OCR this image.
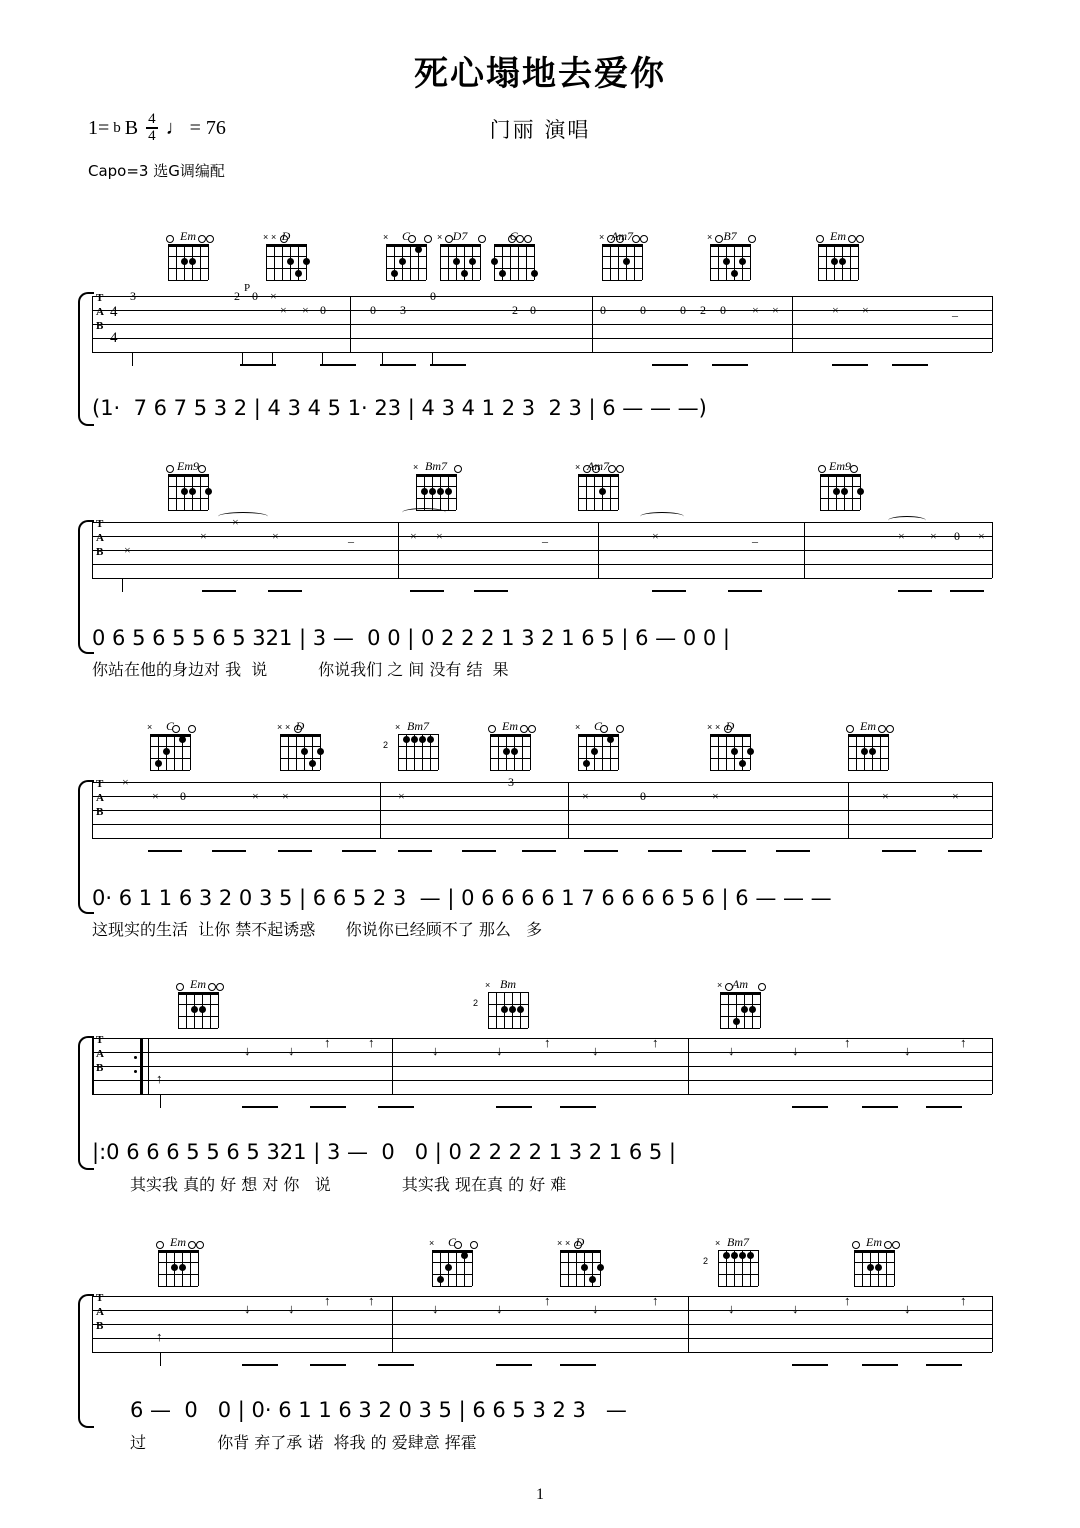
死心塌地去爱你
门丽 演唱
1= b B $\frac{4}{4}$ ♩ = 76
Capo=3 选G调编配
Em	D
× ×	C
×	D7
×	G	Am7
×	B7
×	Em
T
A
B
4
4
P
3	2 0 ×
× × 0	0 3
0
2 0	0	0	0 2 0 × ×	× ×	–
(1·  7 6 7 5 3 2 | 4 3 4 5 1· 23 | 4 3 4 1 2 3  2 3 | 6 — — —)
Em9	Bm7
×	Am7
×	Em9
T
A
B
×
×
×	×	–	× ×	–	×	–	× × 0 ×
0 6 5 6 5 5 6 5 321 | 3 —  0 0 | 0 2 2 2 1 3 2 1 6 5 | 6 — 0 0 |
你站在他的身边对 我  说          你说我们 之 间 没有 结  果
C
×	D
× ×	Bm7
2
×	Em	C
×	D
× ×	Em
T
A
B
×
× 0	× ×	×
3
×	0	×	×	×
0· 6 1 1 6 3 2 0 3 5 | 6 6 5 2 3  — | 0 6 6 6 6 1 7 6 6 6 6 5 6 | 6 — — —
这现实的生活  让你 禁不起诱惑      你说你已经顾不了 那么   多
Em	Bm
2
×	Am
×
T
A
B
↑
↓	↓
↑	↑
↓	↓
↑
↓
↑
↓	↓
↑
↓
↑
|:0 6 6 6 5 5 6 5 321 | 3 —  0   0 | 0 2 2 2 2 1 3 2 1 6 5 |
其实我 真的 好 想 对 你   说              其实我 现在真 的 好 难
Em	C
×	D
× ×	Bm7
2
×	Em
T
A
B
↑
↓	↓
↑	↑
↓	↓
↑
↓
↑
↓	↓
↑
↓
↑
6 —  0   0 | 0· 6 1 1 6 3 2 0 3 5 | 6 6 5 3 2 3   —
过              你背 弃了承 诺  将我 的 爱肆意 挥霍
1
